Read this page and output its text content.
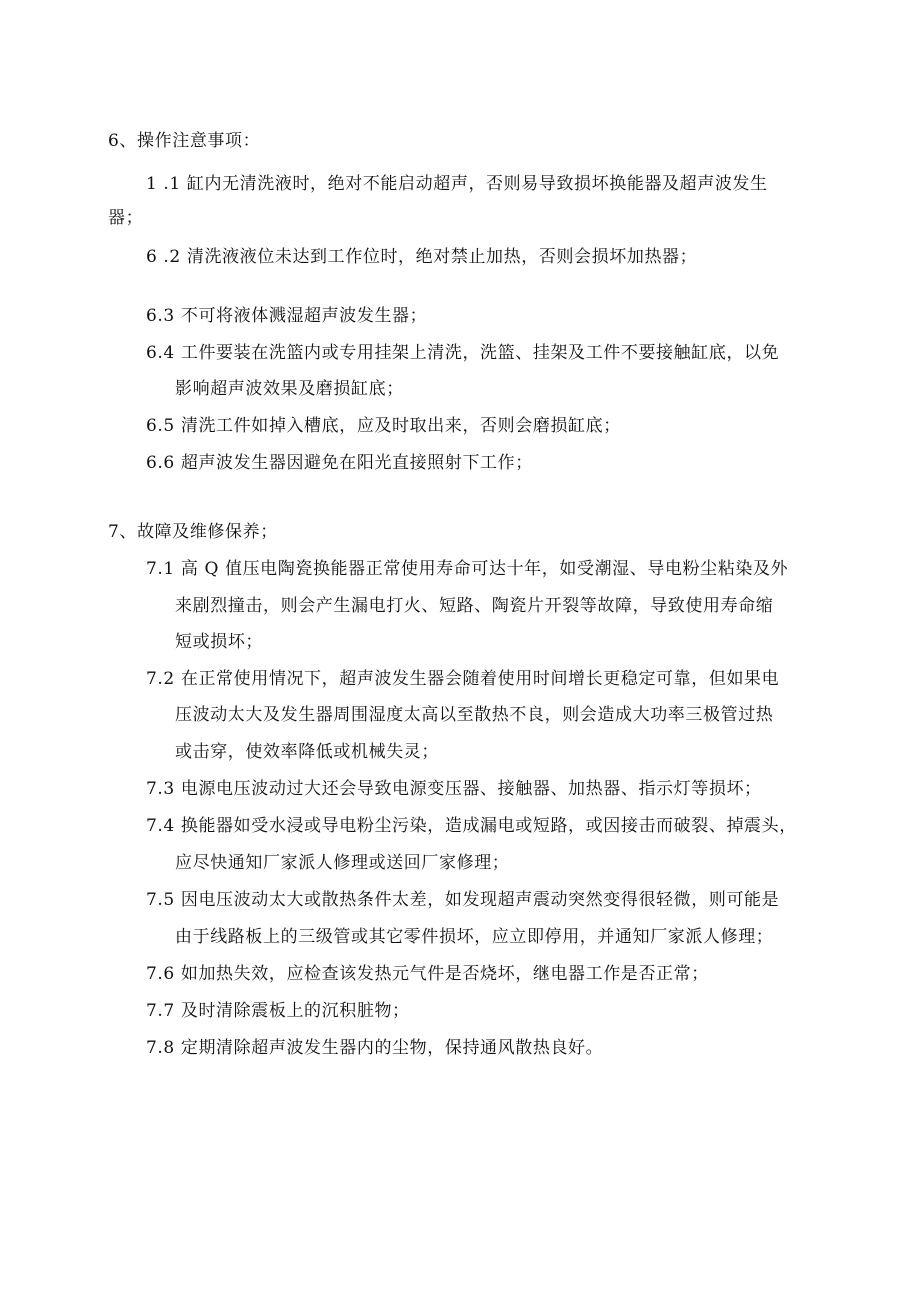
6、操作注意事项：
1 .1 缸内无清洗液时，绝对不能启动超声，否则易导致损坏换能器及超声波发生
器；
6 .2 清洗液液位未达到工作位时，绝对禁止加热，否则会损坏加热器；
6.3 不可将液体溅湿超声波发生器；
6.4 工件要装在洗篮内或专用挂架上清洗，洗篮、挂架及工件不要接触缸底，以免
影响超声波效果及磨损缸底；
6.5 清洗工件如掉入槽底，应及时取出来，否则会磨损缸底；
6.6 超声波发生器因避免在阳光直接照射下工作；
7、故障及维修保养；
7.1 高 Q 值压电陶瓷换能器正常使用寿命可达十年，如受潮湿、导电粉尘粘染及外
来剧烈撞击，则会产生漏电打火、短路、陶瓷片开裂等故障，导致使用寿命缩
短或损坏；
7.2 在正常使用情况下，超声波发生器会随着使用时间增长更稳定可靠，但如果电
压波动太大及发生器周围湿度太高以至散热不良，则会造成大功率三极管过热
或击穿，使效率降低或机械失灵；
7.3 电源电压波动过大还会导致电源变压器、接触器、加热器、指示灯等损坏；
7.4 换能器如受水浸或导电粉尘污染，造成漏电或短路，或因接击而破裂、掉震头，
应尽快通知厂家派人修理或送回厂家修理；
7.5 因电压波动太大或散热条件太差，如发现超声震动突然变得很轻微，则可能是
由于线路板上的三级管或其它零件损坏，应立即停用，并通知厂家派人修理；
7.6 如加热失效，应检查该发热元气件是否烧坏，继电器工作是否正常；
7.7 及时清除震板上的沉积脏物；
7.8 定期清除超声波发生器内的尘物，保持通风散热良好。
